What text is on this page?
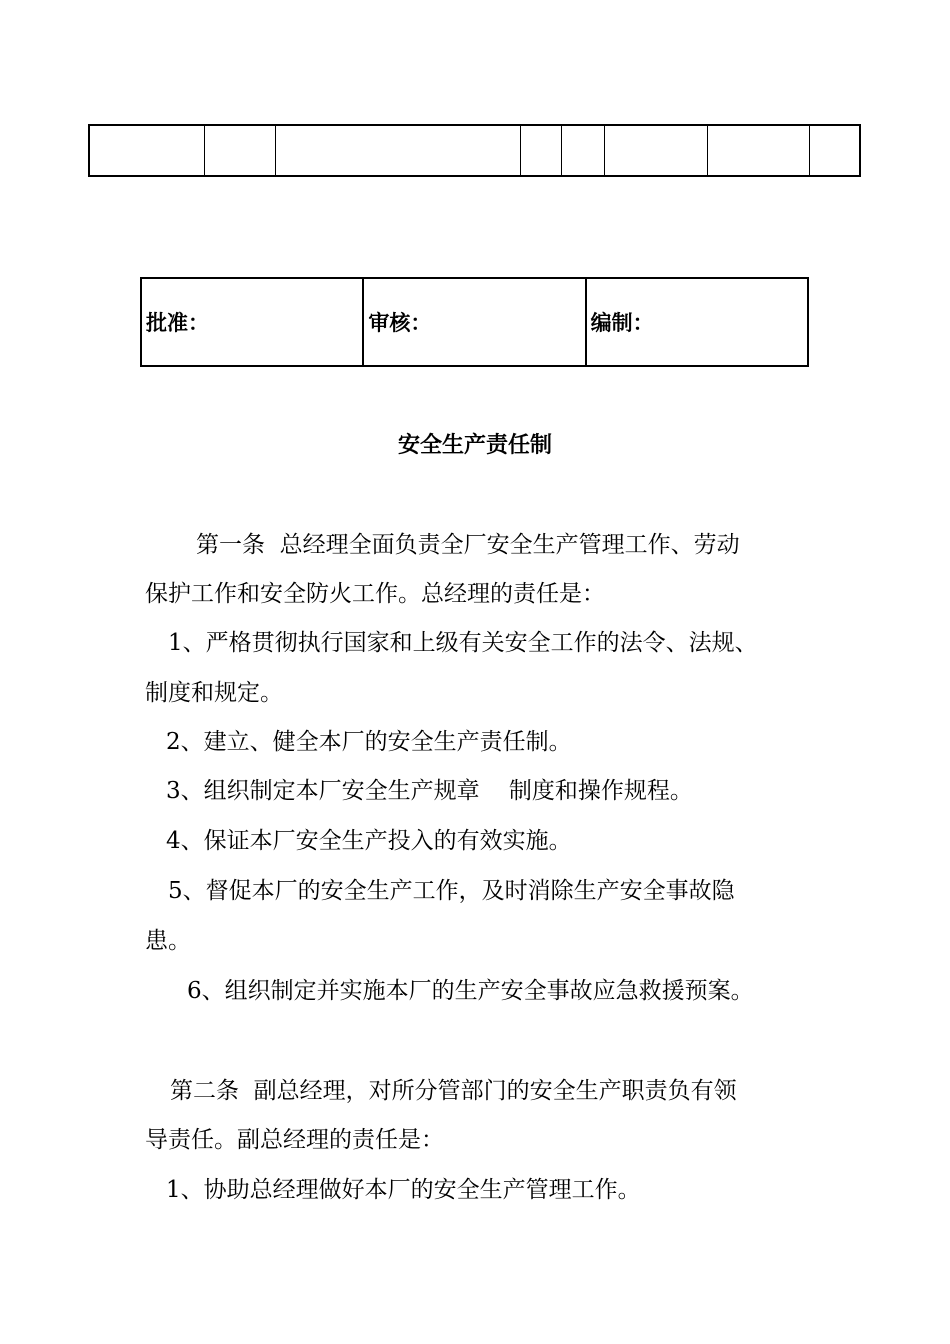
批准：	审核：	编制：
安全生产责任制
第一条  总经理全面负责全厂安全生产管理工作、劳动
保护工作和安全防火工作。总经理的责任是：
1、严格贯彻执行国家和上级有关安全工作的法令、法规、
制度和规定。
2、建立、健全本厂的安全生产责任制。
3、组织制定本厂安全生产规章    制度和操作规程。
4、保证本厂安全生产投入的有效实施。
5、督促本厂的安全生产工作，及时消除生产安全事故隐
患。
6、组织制定并实施本厂的生产安全事故应急救援预案。
第二条  副总经理，对所分管部门的安全生产职责负有领
导责任。副总经理的责任是：
1、协助总经理做好本厂的安全生产管理工作。
